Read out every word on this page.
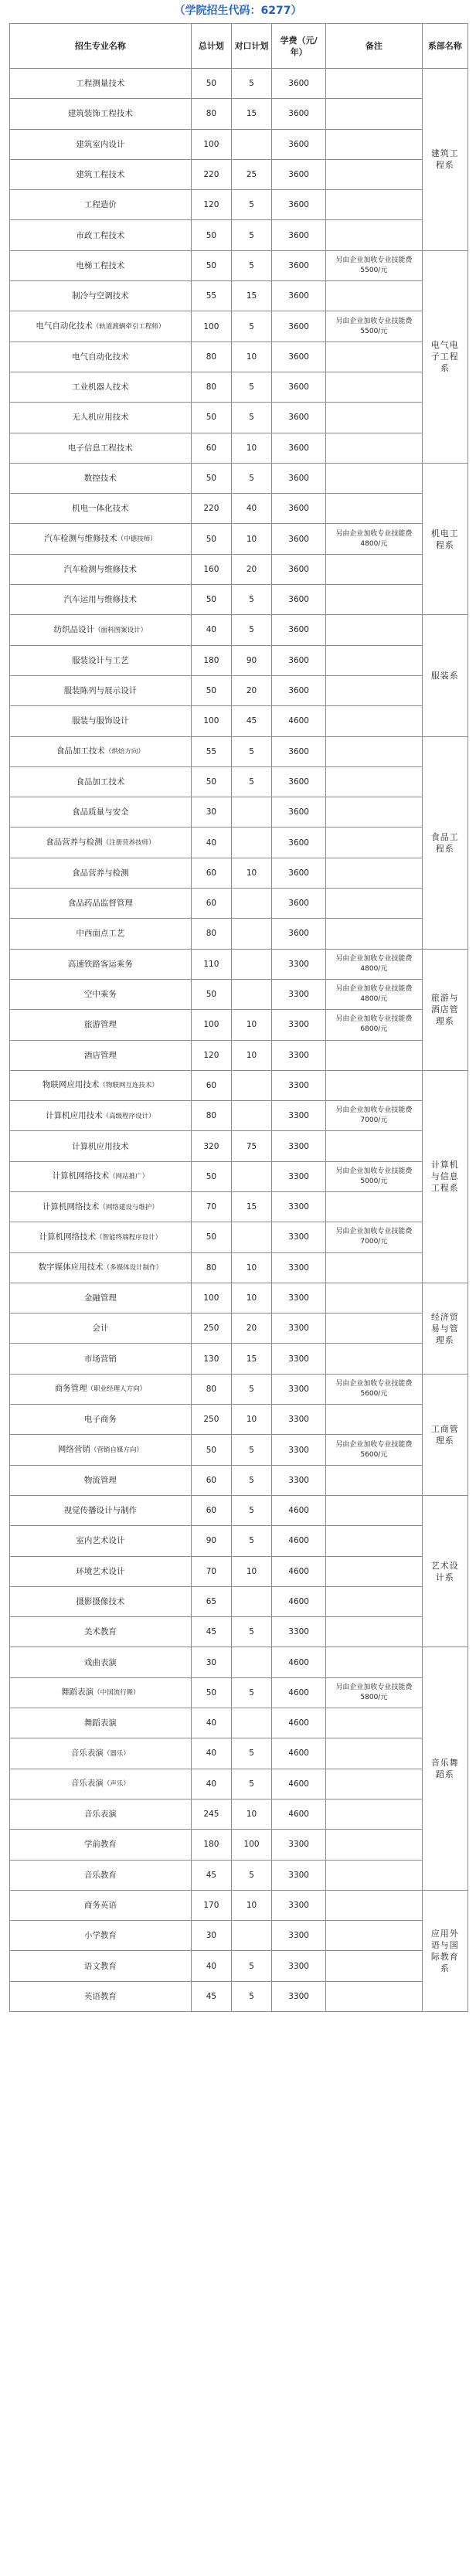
（学院招生代码：6277）
招生专业名称	总计划	对口计划	学费（元/年）	备注	系部名称
工程测量技术	50	5	3600		建筑工程系
建筑装饰工程技术	80	15	3600		
建筑室内设计	100		3600		
建筑工程技术	220	25	3600		
工程造价	120	5	3600		
市政工程技术	50	5	3600		
电梯工程技术	50	5	3600	另由企业加收专业技能费5500/元	电气电子工程系
制冷与空调技术	55	15	3600		
电气自动化技术（轨道渡辆牵引工程师）	100	5	3600	另由企业加收专业技能费5500/元	
电气自动化技术	80	10	3600		
工业机器人技术	80	5	3600		
无人机应用技术	50	5	3600		
电子信息工程技术	60	10	3600		
数控技术	50	5	3600		机电工程系
机电一体化技术	220	40	3600		
汽车检测与维修技术（中德技师）	50	10	3600	另由企业加收专业技能费4800/元	
汽车检测与维修技术	160	20	3600		
汽车运用与维修技术	50	5	3600		
纺织品设计（面料图案设计）	40	5	3600		服装系
服装设计与工艺	180	90	3600		
服装陈列与展示设计	50	20	3600		
服装与服饰设计	100	45	4600		
食品加工技术（烘焙方向）	55	5	3600		食品工程系
食品加工技术	50	5	3600		
食品质量与安全	30		3600		
食品营养与检测（注册营养技师）	40		3600		
食品营养与检测	60	10	3600		
食品药品监督管理	60		3600		
中西面点工艺	80		3600		
高速铁路客运乘务	110		3300	另由企业加收专业技能费4800/元	旅游与酒店管理系
空中乘务	50		3300	另由企业加收专业技能费4800/元	
旅游管理	100	10	3300	另由企业加收专业技能费6800/元	
酒店管理	120	10	3300		
物联网应用技术（物联网互连技术）	60		3300		计算机与信息工程系
计算机应用技术（高级程序设计）	80		3300	另由企业加收专业技能费7000/元	
计算机应用技术	320	75	3300		
计算机网络技术（网站推广）	50		3300	另由企业加收专业技能费5000/元	
计算机网络技术（网络建设与维护）	70	15	3300		
计算机网络技术（智能终端程序设计）	50		3300	另由企业加收专业技能费7000/元	
数字媒体应用技术（多媒体设计制作）	80	10	3300		
金融管理	100	10	3300		经济贸易与管理系
会计	250	20	3300		
市场营销	130	15	3300		
商务管理（职业经理人方向）	80	5	3300	另由企业加收专业技能费5600/元	工商管理系
电子商务	250	10	3300		
网络营销（营销自媒方向）	50	5	3300	另由企业加收专业技能费5600/元	
物流管理	60	5	3300		
视觉传播设计与制作	60	5	4600		艺术设计系
室内艺术设计	90	5	4600		
环境艺术设计	70	10	4600		
摄影摄像技术	65		4600		
美术教育	45	5	3300		
戏曲表演	30		4600		音乐舞蹈系
舞蹈表演（中国流行舞）	50	5	4600	另由企业加收专业技能费5800/元	
舞蹈表演	40		4600		
音乐表演（器乐）	40	5	4600		
音乐表演（声乐）	40	5	4600		
音乐表演	245	10	4600		
学前教育	180	100	3300		
音乐教育	45	5	3300		
商务英语	170	10	3300		应用外语与国际教育系
小学教育	30		3300		
语文教育	40	5	3300		
英语教育	45	5	3300		
